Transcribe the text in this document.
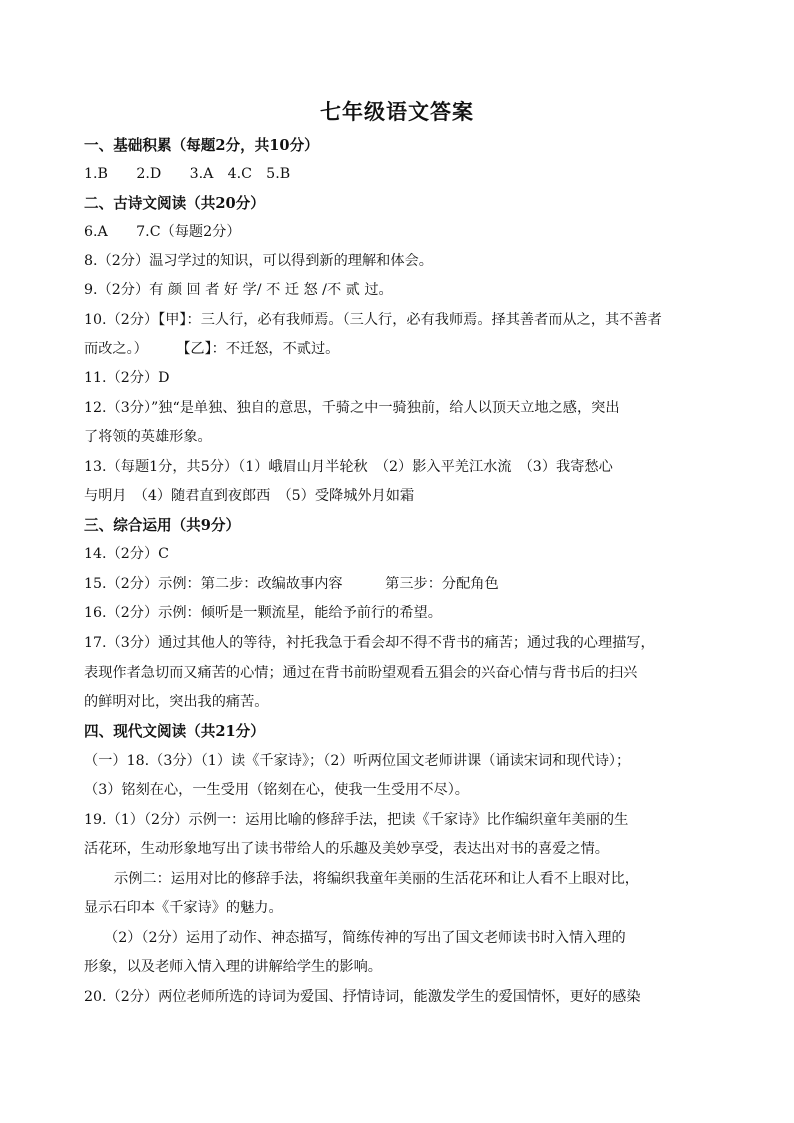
七年级语文答案
一、基础积累（每题2分，共10分）
1.B　　2.D　　3.A　4.C　5.B
二、古诗文阅读（共20分）
6.A　　7.C（每题2分）
8.（2分）温习学过的知识，可以得到新的理解和体会。
9.（2分）有 颜 回 者 好 学/ 不 迁 怒 /不 贰 过。
10.（2分）【甲】：三人行，必有我师焉。（三人行，必有我师焉。择其善者而从之，其不善者
而改之。）　　　【乙】：不迁怒，不贰过。
11.（2分）D
12.（3分）”独“是单独、独自的意思，千骑之中一骑独前，给人以顶天立地之感，突出
了将领的英雄形象。
13.（每题1分，共5分）（1）峨眉山月半轮秋　（2）影入平羌江水流　（3）我寄愁心
与明月　（4）随君直到夜郎西　（5）受降城外月如霜
三、综合运用（共9分）
14.（2分）C
15.（2分）示例：第二步：改编故事内容　　　第三步：分配角色
16.（2分）示例：倾听是一颗流星，能给予前行的希望。
17.（3分）通过其他人的等待，衬托我急于看会却不得不背书的痛苦；通过我的心理描写，
表现作者急切而又痛苦的心情；通过在背书前盼望观看五猖会的兴奋心情与背书后的扫兴
的鲜明对比，突出我的痛苦。
四、现代文阅读（共21分）
（一）18.（3分）（1）读《千家诗》；（2）听两位国文老师讲课（诵读宋词和现代诗）；
（3）铭刻在心，一生受用（铭刻在心，使我一生受用不尽）。
19.（1）（2分）示例一：运用比喻的修辞手法，把读《千家诗》比作编织童年美丽的生
活花环，生动形象地写出了读书带给人的乐趣及美妙享受，表达出对书的喜爱之情。
示例二：运用对比的修辞手法，将编织我童年美丽的生活花环和让人看不上眼对比，
显示石印本《千家诗》的魅力。
（2）（2分）运用了动作、神态描写，简练传神的写出了国文老师读书时入情入理的
形象，以及老师入情入理的讲解给学生的影响。
20.（2分）两位老师所选的诗词为爱国、抒情诗词，能激发学生的爱国情怀，更好的感染
